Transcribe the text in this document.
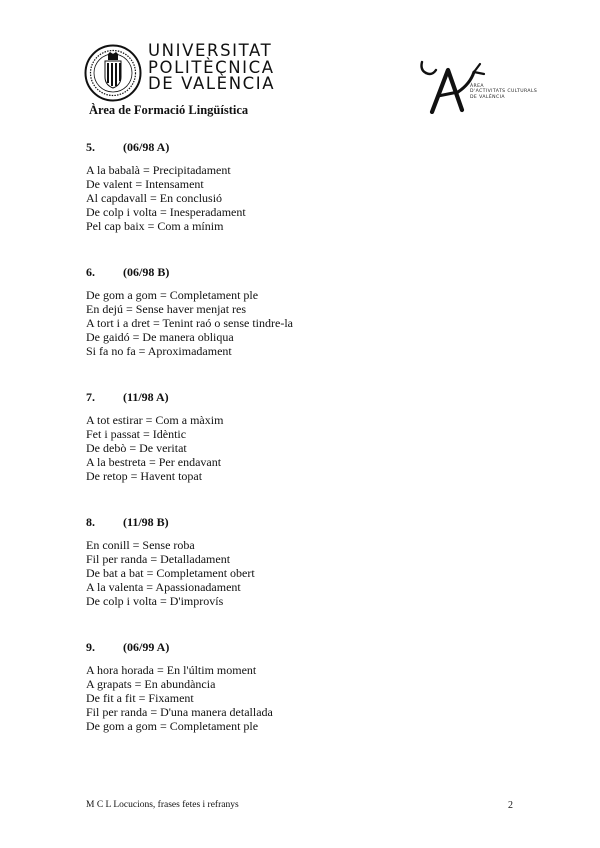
UNIVERSITAT
POLITÈCNICA
DE VALÈNCIA
Àrea de Formació Lingüística
ÀREA
D'ACTIVITATS CULTURALS
DE VALÈNCIA
5. (06/98 A)
A la babalà = Precipitadament
De valent = Intensament
Al capdavall = En conclusió
De colp i volta = Inesperadament
Pel cap baix = Com a mínim
6. (06/98 B)
De gom a gom = Completament ple
En dejú = Sense haver menjat res
A tort i a dret = Tenint raó o sense tindre-la
De gaidó = De manera obliqua
Si fa no fa = Aproximadament
7. (11/98 A)
A tot estirar = Com a màxim
Fet i passat = Idèntic
De debò = De veritat
A la bestreta = Per endavant
De retop = Havent topat
8. (11/98 B)
En conill = Sense roba
Fil per randa = Detalladament
De bat a bat = Completament obert
A la valenta = Apassionadament
De colp i volta = D'improvís
9. (06/99 A)
A hora horada = En l'últim moment
A grapats = En abundància
De fit a fit = Fixament
Fil per randa = D'una manera detallada
De gom a gom = Completament ple
M C L Locucions, frases fetes i refranys	2
